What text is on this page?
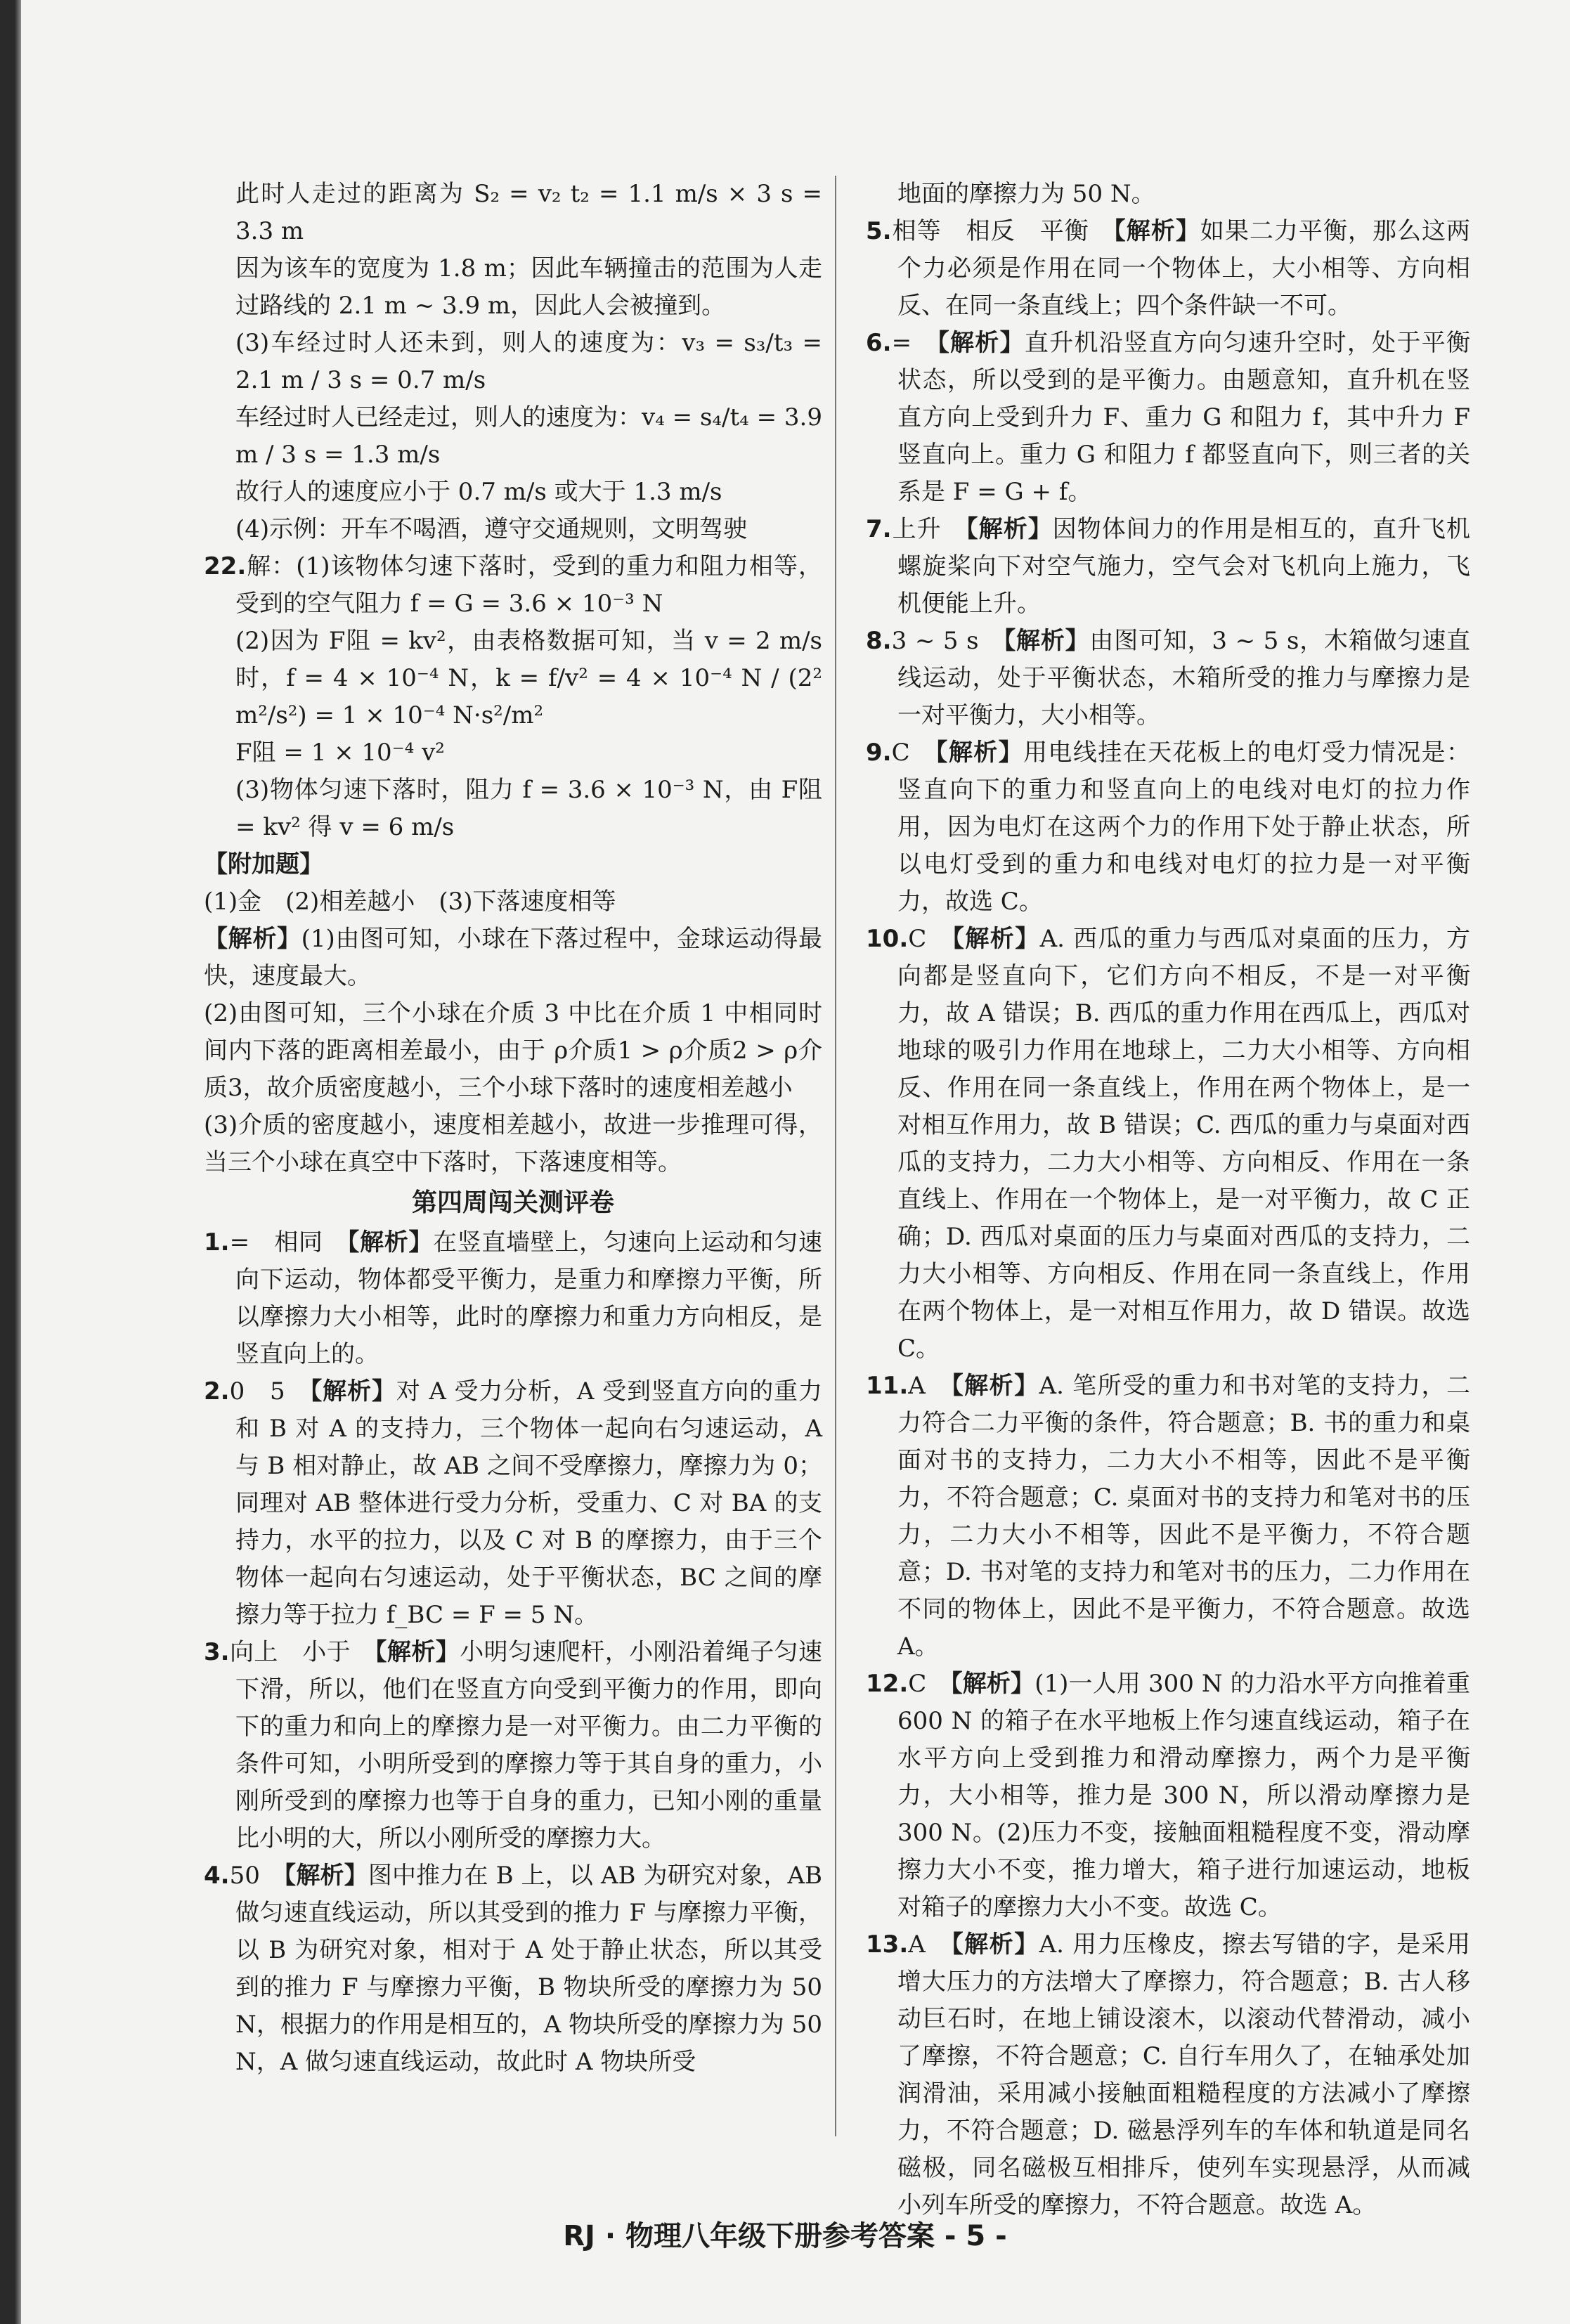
此时人走过的距离为 S₂ = v₂ t₂ = 1.1 m/s × 3 s = 3.3 m

因为该车的宽度为 1.8 m；因此车辆撞击的范围为人走过路线的 2.1 m ~ 3.9 m，因此人会被撞到。

(3)车经过时人还未到，则人的速度为：v₃ = s₃/t₃ = 2.1 m / 3 s = 0.7 m/s

车经过时人已经走过，则人的速度为：v₄ = s₄/t₄ = 3.9 m / 3 s = 1.3 m/s

故行人的速度应小于 0.7 m/s 或大于 1.3 m/s

(4)示例：开车不喝酒，遵守交通规则，文明驾驶

22.解：(1)该物体匀速下落时，受到的重力和阻力相等，受到的空气阻力 f = G = 3.6 × 10⁻³ N

(2)因为 F阻 = kv²，由表格数据可知，当 v = 2 m/s 时，f = 4 × 10⁻⁴ N，k = f/v² = 4 × 10⁻⁴ N / (2² m²/s²) = 1 × 10⁻⁴ N·s²/m²

F阻 = 1 × 10⁻⁴ v²

(3)物体匀速下落时，阻力 f = 3.6 × 10⁻³ N，由 F阻 = kv² 得 v = 6 m/s

【附加题】

(1)金　(2)相差越小　(3)下落速度相等

【解析】(1)由图可知，小球在下落过程中，金球运动得最快，速度最大。

(2)由图可知，三个小球在介质 3 中比在介质 1 中相同时间内下落的距离相差最小，由于 ρ介质1 > ρ介质2 > ρ介质3，故介质密度越小，三个小球下落时的速度相差越小

(3)介质的密度越小，速度相差越小，故进一步推理可得，当三个小球在真空中下落时，下落速度相等。

第四周闯关测评卷

1.=　相同　 【解析】在竖直墙壁上，匀速向上运动和匀速向下运动，物体都受平衡力，是重力和摩擦力平衡，所以摩擦力大小相等，此时的摩擦力和重力方向相反，是竖直向上的。

2.0　5　 【解析】对 A 受力分析，A 受到竖直方向的重力和 B 对 A 的支持力，三个物体一起向右匀速运动，A 与 B 相对静止，故 AB 之间不受摩擦力，摩擦力为 0；同理对 AB 整体进行受力分析，受重力、C 对 BA 的支持力，水平的拉力，以及 C 对 B 的摩擦力，由于三个物体一起向右匀速运动，处于平衡状态，BC 之间的摩擦力等于拉力 f_BC = F = 5 N。

3.向上　小于　 【解析】小明匀速爬杆，小刚沿着绳子匀速下滑，所以，他们在竖直方向受到平衡力的作用，即向下的重力和向上的摩擦力是一对平衡力。由二力平衡的条件可知，小明所受到的摩擦力等于其自身的重力，小刚所受到的摩擦力也等于自身的重力，已知小刚的重量比小明的大，所以小刚所受的摩擦力大。

4.50　 【解析】图中推力在 B 上，以 AB 为研究对象，AB 做匀速直线运动，所以其受到的推力 F 与摩擦力平衡，以 B 为研究对象，相对于 A 处于静止状态，所以其受到的推力 F 与摩擦力平衡，B 物块所受的摩擦力为 50 N，根据力的作用是相互的，A 物块所受的摩擦力为 50 N，A 做匀速直线运动，故此时 A 物块所受

地面的摩擦力为 50 N。

5.相等　相反　平衡　 【解析】如果二力平衡，那么这两个力必须是作用在同一个物体上，大小相等、方向相反、在同一条直线上；四个条件缺一不可。

6.=　 【解析】直升机沿竖直方向匀速升空时，处于平衡状态，所以受到的是平衡力。由题意知，直升机在竖直方向上受到升力 F、重力 G 和阻力 f，其中升力 F 竖直向上。重力 G 和阻力 f 都竖直向下，则三者的关系是 F = G + f。

7.上升　 【解析】因物体间力的作用是相互的，直升飞机螺旋桨向下对空气施力，空气会对飞机向上施力，飞机便能上升。

8.3 ~ 5 s　 【解析】由图可知，3 ~ 5 s，木箱做匀速直线运动，处于平衡状态，木箱所受的推力与摩擦力是一对平衡力，大小相等。

9.C　 【解析】用电线挂在天花板上的电灯受力情况是：竖直向下的重力和竖直向上的电线对电灯的拉力作用，因为电灯在这两个力的作用下处于静止状态，所以电灯受到的重力和电线对电灯的拉力是一对平衡力，故选 C。

10.C　 【解析】A. 西瓜的重力与西瓜对桌面的压力，方向都是竖直向下，它们方向不相反，不是一对平衡力，故 A 错误；B. 西瓜的重力作用在西瓜上，西瓜对地球的吸引力作用在地球上，二力大小相等、方向相反、作用在同一条直线上，作用在两个物体上，是一对相互作用力，故 B 错误；C. 西瓜的重力与桌面对西瓜的支持力，二力大小相等、方向相反、作用在一条直线上、作用在一个物体上，是一对平衡力，故 C 正确；D. 西瓜对桌面的压力与桌面对西瓜的支持力，二力大小相等、方向相反、作用在同一条直线上，作用在两个物体上，是一对相互作用力，故 D 错误。故选 C。

11.A　 【解析】A. 笔所受的重力和书对笔的支持力，二力符合二力平衡的条件，符合题意；B. 书的重力和桌面对书的支持力，二力大小不相等，因此不是平衡力，不符合题意；C. 桌面对书的支持力和笔对书的压力，二力大小不相等，因此不是平衡力，不符合题意；D. 书对笔的支持力和笔对书的压力，二力作用在不同的物体上，因此不是平衡力，不符合题意。故选 A。

12.C　 【解析】(1)一人用 300 N 的力沿水平方向推着重 600 N 的箱子在水平地板上作匀速直线运动，箱子在水平方向上受到推力和滑动摩擦力，两个力是平衡力，大小相等，推力是 300 N，所以滑动摩擦力是 300 N。(2)压力不变，接触面粗糙程度不变，滑动摩擦力大小不变，推力增大，箱子进行加速运动，地板对箱子的摩擦力大小不变。故选 C。

13.A　 【解析】A. 用力压橡皮，擦去写错的字，是采用增大压力的方法增大了摩擦力，符合题意；B. 古人移动巨石时，在地上铺设滚木，以滚动代替滑动，减小了摩擦，不符合题意；C. 自行车用久了，在轴承处加润滑油，采用减小接触面粗糙程度的方法减小了摩擦力，不符合题意；D. 磁悬浮列车的车体和轨道是同名磁极，同名磁极互相排斥，使列车实现悬浮，从而减小列车所受的摩擦力，不符合题意。故选 A。

RJ · 物理八年级下册参考答案 - 5 -
